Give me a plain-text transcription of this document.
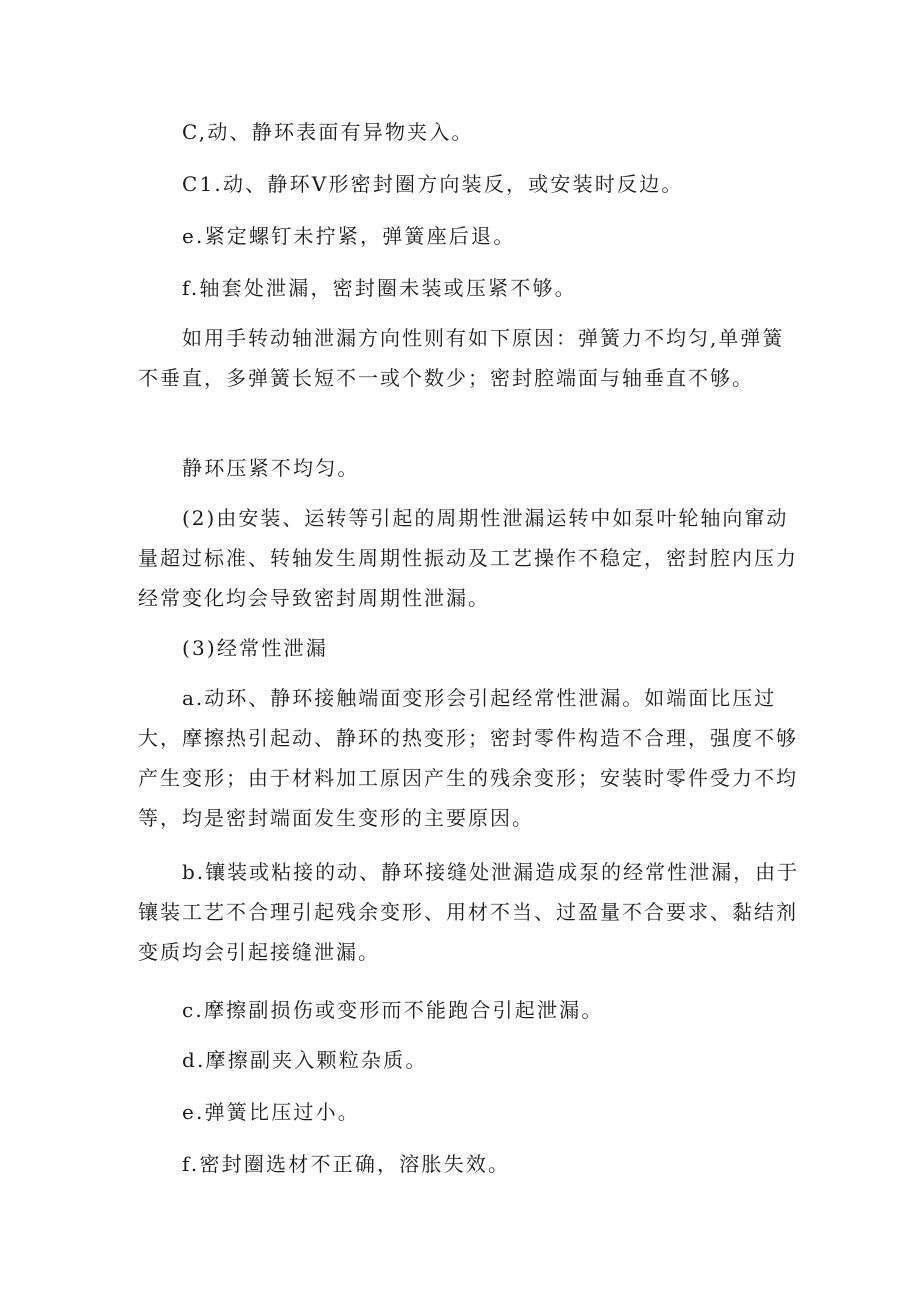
C,动、静环表面有异物夹入。

C1.动、静环V形密封圈方向装反，或安装时反边。

e.紧定螺钉未拧紧，弹簧座后退。

f.轴套处泄漏，密封圈未装或压紧不够。

如用手转动轴泄漏方向性则有如下原因：弹簧力不均匀,单弹簧不垂直，多弹簧长短不一或个数少；密封腔端面与轴垂直不够。

静环压紧不均匀。

(2)由安装、运转等引起的周期性泄漏运转中如泵叶轮轴向窜动量超过标准、转轴发生周期性振动及工艺操作不稳定，密封腔内压力经常变化均会导致密封周期性泄漏。

(3)经常性泄漏

a.动环、静环接触端面变形会引起经常性泄漏。如端面比压过大，摩擦热引起动、静环的热变形；密封零件构造不合理，强度不够产生变形；由于材料加工原因产生的残余变形；安装时零件受力不均等，均是密封端面发生变形的主要原因。

b.镶装或粘接的动、静环接缝处泄漏造成泵的经常性泄漏，由于镶装工艺不合理引起残余变形、用材不当、过盈量不合要求、黏结剂变质均会引起接缝泄漏。

c.摩擦副损伤或变形而不能跑合引起泄漏。

d.摩擦副夹入颗粒杂质。

e.弹簧比压过小。

f.密封圈选材不正确，溶胀失效。
